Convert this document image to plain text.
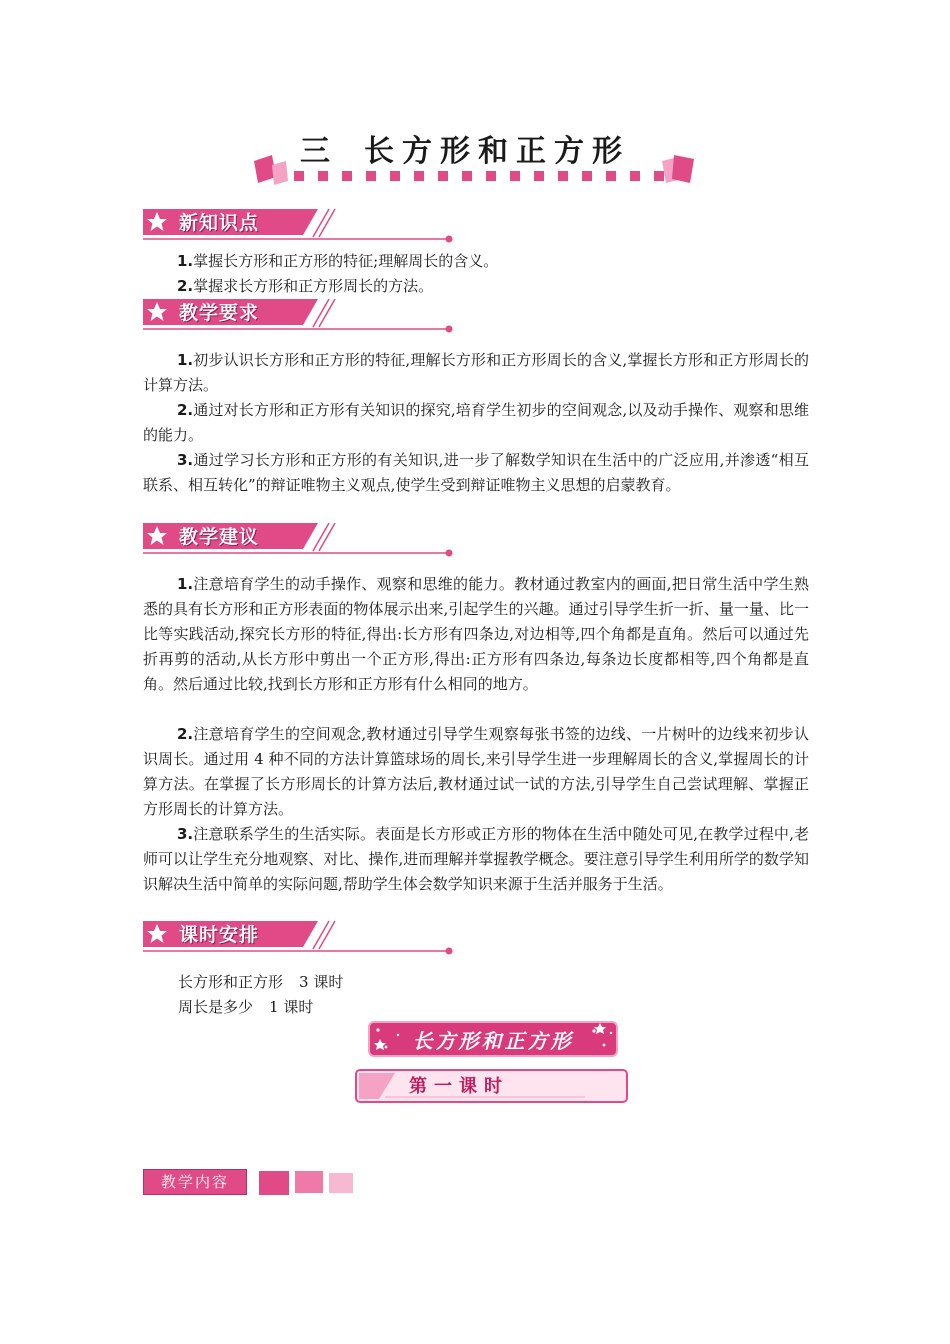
三 长方形和正方形
新知识点

1.掌握长方形和正方形的特征;理解周长的含义。

2.掌握求长方形和正方形周长的方法。

教学要求

1.初步认识长方形和正方形的特征,理解长方形和正方形周长的含义,掌握长方形和正方形周长的计算方法。

2.通过对长方形和正方形有关知识的探究,培育学生初步的空间观念,以及动手操作、观察和思维的能力。

3.通过学习长方形和正方形的有关知识,进一步了解数学知识在生活中的广泛应用,并渗透“相互联系、相互转化”的辩证唯物主义观点,使学生受到辩证唯物主义思想的启蒙教育。

教学建议

1.注意培育学生的动手操作、观察和思维的能力。教材通过教室内的画面,把日常生活中学生熟悉的具有长方形和正方形表面的物体展示出来,引起学生的兴趣。通过引导学生折一折、量一量、比一比等实践活动,探究长方形的特征,得出:长方形有四条边,对边相等,四个角都是直角。然后可以通过先折再剪的活动,从长方形中剪出一个正方形,得出:正方形有四条边,每条边长度都相等,四个角都是直角。然后通过比较,找到长方形和正方形有什么相同的地方。

2.注意培育学生的空间观念,教材通过引导学生观察每张书签的边线、一片树叶的边线来初步认识周长。通过用 4 种不同的方法计算篮球场的周长,来引导学生进一步理解周长的含义,掌握周长的计算方法。在掌握了长方形周长的计算方法后,教材通过试一试的方法,引导学生自己尝试理解、掌握正方形周长的计算方法。

3.注意联系学生的生活实际。表面是长方形或正方形的物体在生活中随处可见,在教学过程中,老师可以让学生充分地观察、对比、操作,进而理解并掌握教学概念。要注意引导学生利用所学的数学知识解决生活中简单的实际问题,帮助学生体会数学知识来源于生活并服务于生活。

课时安排
长方形和正方形 3 课时
周长是多少 1 课时
长方形和正方形
第一课时
教学内容
